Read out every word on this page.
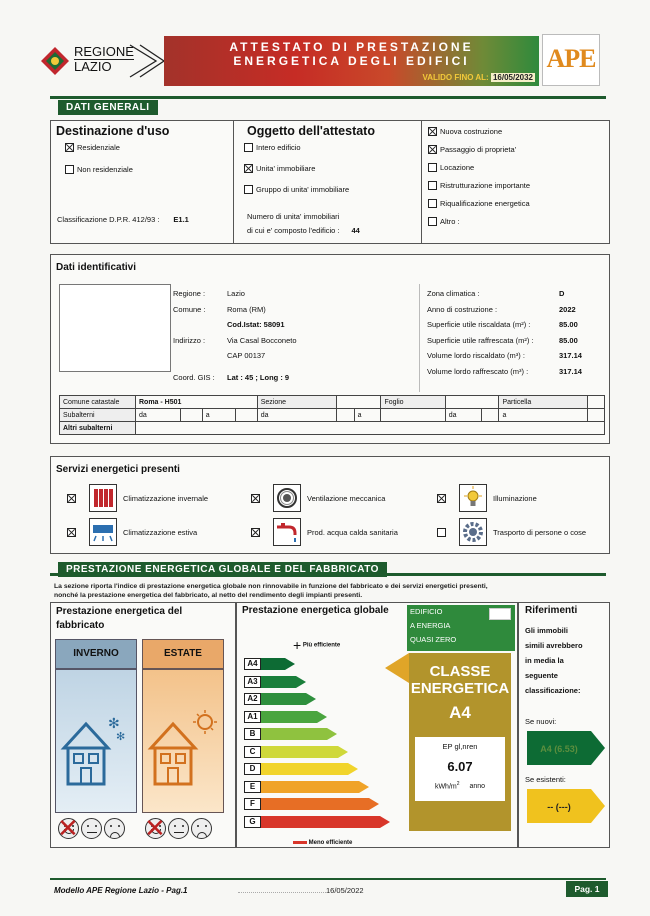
REGIONE
LAZIO
ATTESTATO DI PRESTAZIONE
ENERGETICA DEGLI EDIFICI
VALIDO FINO AL: 16/05/2032
APE
DATI GENERALI
Destinazione d'uso
Residenziale
Non residenziale
Classificazione D.P.R. 412/93 : E1.1
Oggetto dell'attestato
Intero edificio
Unita' immobiliare
Gruppo di unita' immobiliare
Numero di unita' immobiliari
di cui e' composto l'edificio : 44
Nuova costruzione
Passaggio di proprieta'
Locazione
Ristrutturazione importante
Riqualificazione energetica
Altro :
Dati identificativi
Regione :	Lazio
Comune :	Roma (RM)
Cod.Istat: 58091
Indirizzo :	Via Casal Bocconeto
CAP 00137
Coord. GIS : Lat : 45 ; Long : 9
Zona climatica :	D
Anno di costruzione :	2022
Superficie utile riscaldata (m²) :	85.00
Superficie utile raffrescata (m²) :	85.00
Volume lordo riscaldato (m³) :	317.14
Volume lordo raffrescato (m³) :	317.14
Comune catastale	Roma - H501				Sezione			Foglio			Particella	
Subalterni	da		a		da		a		da		a	
Altri subalterni												
Servizi energetici presenti
Climatizzazione invernale	Ventilazione meccanica	Illuminazione
Climatizzazione estiva	Prod. acqua calda sanitaria	Trasporto di persone o cose
PRESTAZIONE ENERGETICA GLOBALE E DEL FABBRICATO
La sezione riporta l'indice di prestazione energetica globale non rinnovabile in funzione del fabbricato e dei servizi energetici presenti,
nonché la prestazione energetica del fabbricato, al netto del rendimento degli impianti presenti.
Prestazione energetica del
fabbricato
INVERNO	ESTATE
✻
✻
✕
✕
Prestazione energetica globale
+ Più efficiente
A4
A3
A2
A1
B
C
D
E
F
G
Meno efficiente
EDIFICIO
A ENERGIA
QUASI ZERO
CLASSE
ENERGETICA
A4
EP gl,nren
6.07
kWh/$m^2$ anno
Riferimenti
Gli immobili
simili avrebbero
in media la
seguente
classificazione:
Se nuovi:
A4 (6.53)
Se esistenti:
-- (---)
Modello APE Regione Lazio - Pag.1	16/05/2022	Pag. 1
